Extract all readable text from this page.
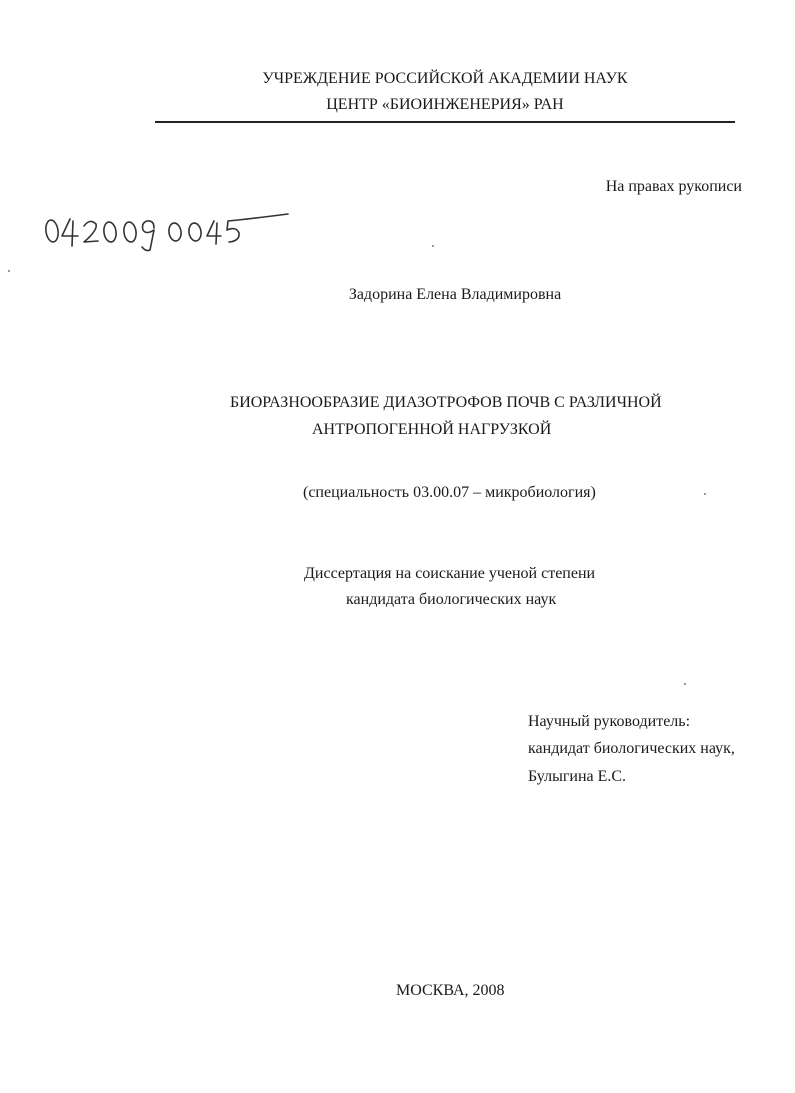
УЧРЕЖДЕНИЕ РОССИЙСКОЙ АКАДЕМИИ НАУК
ЦЕНТР «БИОИНЖЕНЕРИЯ» РАН
На правах рукописи
Задорина Елена Владимировна
БИОРАЗНООБРАЗИЕ ДИАЗОТРОФОВ ПОЧВ С РАЗЛИЧНОЙ
АНТРОПОГЕННОЙ НАГРУЗКОЙ
(специальность 03.00.07 – микробиология)
Диссертация на соискание ученой степени
кандидата биологических наук
Научный руководитель:
кандидат биологических наук,
Булыгина Е.С.
МОСКВА, 2008
